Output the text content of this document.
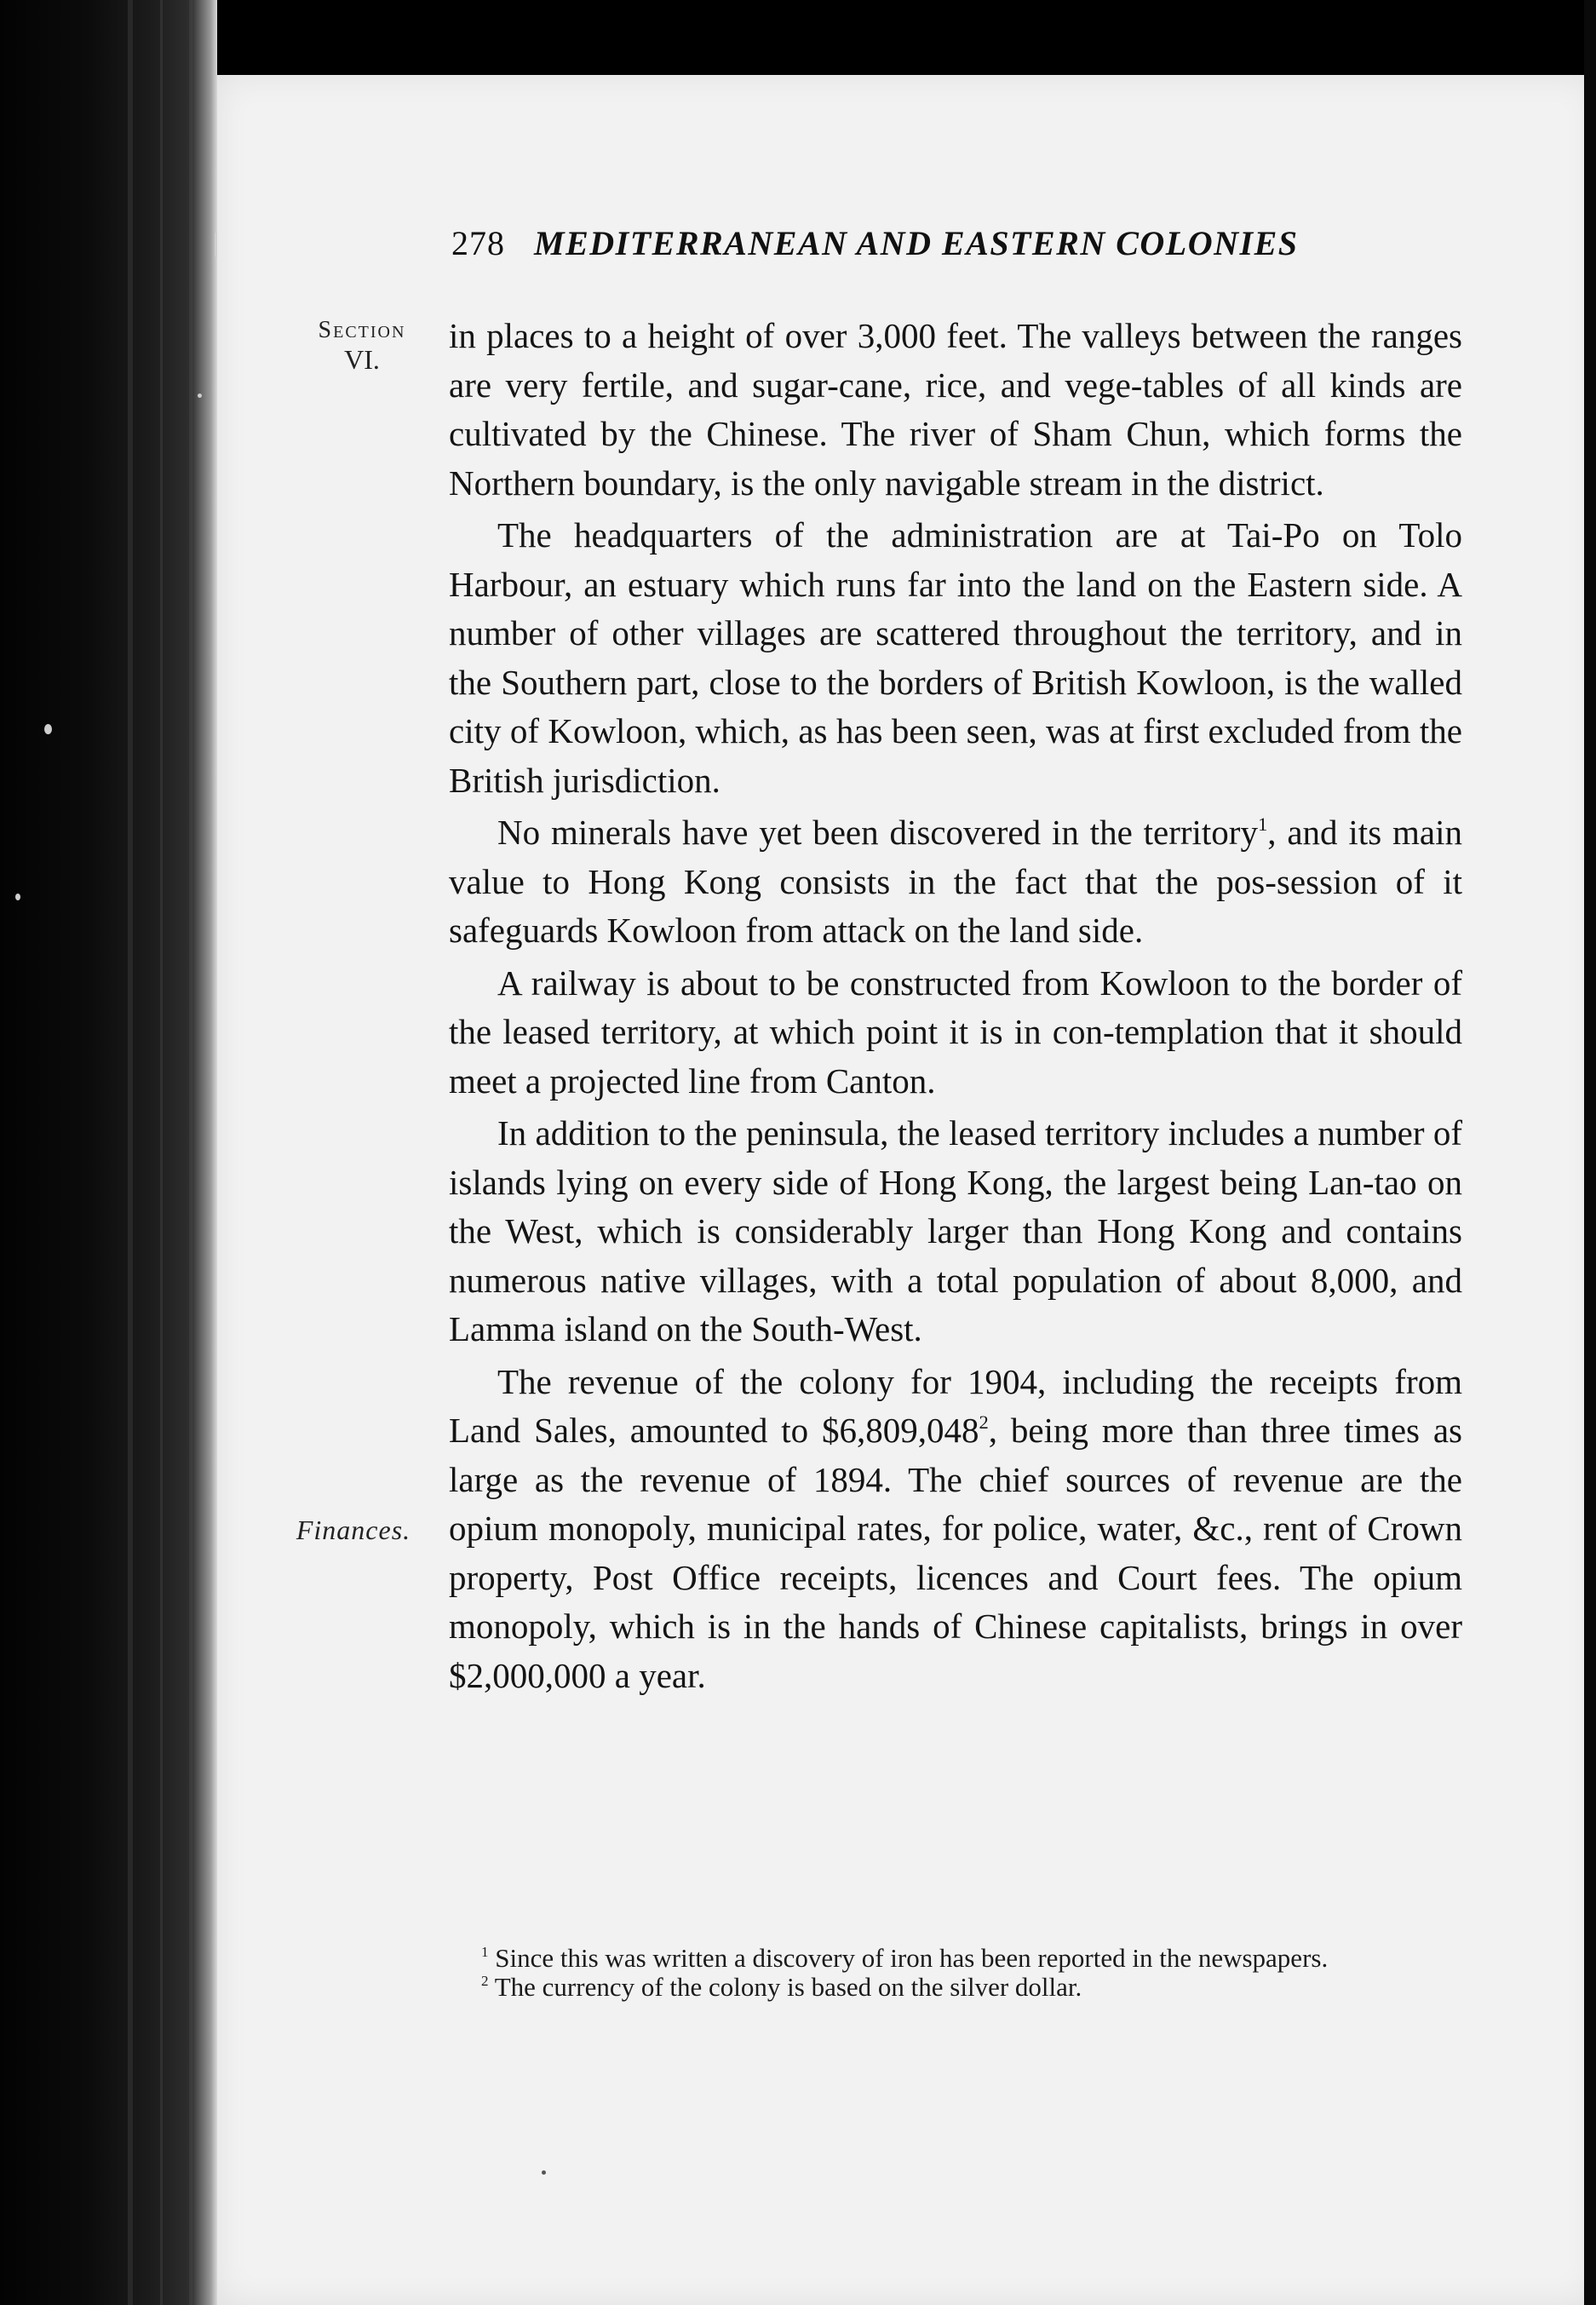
278 MEDITERRANEAN AND EASTERN COLONIES
Section
VI.
Finances.

in places to a height of over 3,000 feet. The valleys between the ranges are very fertile, and sugar-cane, rice, and vege-tables of all kinds are cultivated by the Chinese. The river of Sham Chun, which forms the Northern boundary, is the only navigable stream in the district.

The headquarters of the administration are at Tai-Po on Tolo Harbour, an estuary which runs far into the land on the Eastern side. A number of other villages are scattered throughout the territory, and in the Southern part, close to the borders of British Kowloon, is the walled city of Kowloon, which, as has been seen, was at first excluded from the British jurisdiction.

No minerals have yet been discovered in the territory$^1$, and its main value to Hong Kong consists in the fact that the pos-session of it safeguards Kowloon from attack on the land side.

A railway is about to be constructed from Kowloon to the border of the leased territory, at which point it is in con-templation that it should meet a projected line from Canton.

In addition to the peninsula, the leased territory includes a number of islands lying on every side of Hong Kong, the largest being Lan-tao on the West, which is considerably larger than Hong Kong and contains numerous native villages, with a total population of about 8,000, and Lamma island on the South-West.

The revenue of the colony for 1904, including the receipts from Land Sales, amounted to $6,809,048$^2$, being more than three times as large as the revenue of 1894. The chief sources of revenue are the opium monopoly, municipal rates, for police, water, &c., rent of Crown property, Post Office receipts, licences and Court fees. The opium monopoly, which is in the hands of Chinese capitalists, brings in over $2,000,000 a year.

$^1$ Since this was written a discovery of iron has been reported in the newspapers.

$^2$ The currency of the colony is based on the silver dollar.
